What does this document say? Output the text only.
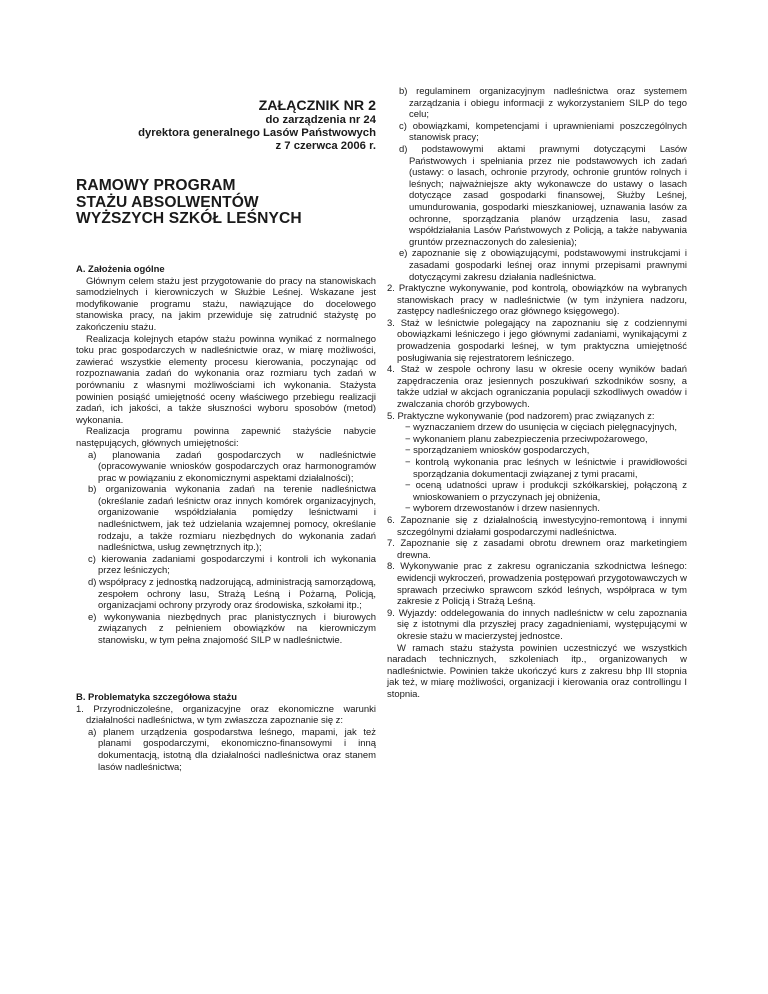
ZAŁĄCZNIK NR 2
do zarządzenia nr 24
dyrektora generalnego Lasów Państwowych
z 7 czerwca 2006 r.
RAMOWY PROGRAM
STAŻU ABSOLWENTÓW
WYŻSZYCH SZKÓŁ LEŚNYCH
A. Założenia ogólne

Głównym celem stażu jest przygotowanie do pracy na stanowiskach samodzielnych i kierowniczych w Służbie Leśnej. Wskazane jest modyfikowanie programu stażu, nawiązujące do docelowego stanowiska pracy, na jakim przewiduje się zatrudnić stażystę po zakończeniu stażu.

Realizacja kolejnych etapów stażu powinna wynikać z normalnego toku prac gospodarczych w nadleśnictwie oraz, w miarę możliwości, zawierać wszystkie elementy procesu kierowania, poczynając od rozpoznawania zadań do wykonania oraz rozmiaru tych zadań w porównaniu z własnymi możliwościami ich wykonania. Stażysta powinien posiąść umiejętność oceny właściwego przebiegu realizacji zadań, ich jakości, a także słuszności wyboru sposobów (metod) wykonania.

Realizacja programu powinna zapewnić stażyście nabycie następujących, głównych umiejętności:

a) planowania zadań gospodarczych w nadleśnictwie (opracowywanie wniosków gospodarczych oraz harmonogramów prac w powiązaniu z ekonomicznymi aspektami działalności);
b) organizowania wykonania zadań na terenie nadleśnictwa (określanie zadań leśnictw oraz innych komórek organizacyjnych, organizowanie współdziałania pomiędzy leśnictwami i nadleśnictwem, jak też udzielania wzajemnej pomocy, określanie rodzaju, a także rozmiaru niezbędnych do wykonania zadań nadleśnictwa, usług zewnętrznych itp.);
c) kierowania zadaniami gospodarczymi i kontroli ich wykonania przez leśniczych;
d) współpracy z jednostką nadzorującą, administracją samorządową, zespołem ochrony lasu, Strażą Leśną i Pożarną, Policją, organizacjami ochrony przyrody oraz środowiska, szkołami itp.;
e) wykonywania niezbędnych prac planistycznych i biurowych związanych z pełnieniem obowiązków na kierowniczym stanowisku, w tym pełna znajomość SILP w nadleśnictwie.
B. Problematyka szczegółowa stażu
1. Przyrodniczoleśne, organizacyjne oraz ekonomiczne warunki działalności nadleśnictwa, w tym zwłaszcza zapoznanie się z:
a) planem urządzenia gospodarstwa leśnego, mapami, jak też planami gospodarczymi, ekonomiczno-finansowymi i inną dokumentacją, istotną dla działalności nadleśnictwa oraz stanem lasów nadleśnictwa;
b) regulaminem organizacyjnym nadleśnictwa oraz systemem zarządzania i obiegu informacji z wykorzystaniem SILP do tego celu;
c) obowiązkami, kompetencjami i uprawnieniami poszczególnych stanowisk pracy;
d) podstawowymi aktami prawnymi dotyczącymi Lasów Państwowych i spełniania przez nie podstawowych ich zadań (ustawy: o lasach, ochronie przyrody, ochronie gruntów rolnych i leśnych; najważniejsze akty wykonawcze do ustawy o lasach dotyczące zasad gospodarki finansowej, Służby Leśnej, umundurowania, gospodarki mieszkaniowej, uznawania lasów za ochronne, sporządzania planów urządzenia lasu, zasad współdziałania Lasów Państwowych z Policją, a także nabywania gruntów przeznaczonych do zalesienia);
e) zapoznanie się z obowiązującymi, podstawowymi instrukcjami i zasadami gospodarki leśnej oraz innymi przepisami prawnymi dotyczącymi zakresu działania nadleśnictwa.
2. Praktyczne wykonywanie, pod kontrolą, obowiązków na wybranych stanowiskach pracy w nadleśnictwie (w tym inżyniera nadzoru, zastępcy nadleśniczego oraz głównego księgowego).
3. Staż w leśnictwie polegający na zapoznaniu się z codziennymi obowiązkami leśniczego i jego głównymi zadaniami, wynikającymi z prowadzenia gospodarki leśnej, w tym praktyczna umiejętność posługiwania się rejestratorem leśniczego.
4. Staż w zespole ochrony lasu w okresie oceny wyników badań zapędraczenia oraz jesiennych poszukiwań szkodników sosny, a także udział w akcjach ograniczania populacji szkodliwych owadów i zwalczania chorób grzybowych.
5. Praktyczne wykonywanie (pod nadzorem) prac związanych z:
− wyznaczaniem drzew do usunięcia w cięciach pielęgnacyjnych,
− wykonaniem planu zabezpieczenia przeciwpożarowego,
− sporządzaniem wniosków gospodarczych,
− kontrolą wykonania prac leśnych w leśnictwie i prawidłowości sporządzania dokumentacji związanej z tymi pracami,
− oceną udatności upraw i produkcji szkółkarskiej, połączoną z wnioskowaniem o przyczynach jej obniżenia,
− wyborem drzewostanów i drzew nasiennych.
6. Zapoznanie się z działalnością inwestycyjno-remontową i innymi szczególnymi działami gospodarczymi nadleśnictwa.
7. Zapoznanie się z zasadami obrotu drewnem oraz marketingiem drewna.
8. Wykonywanie prac z zakresu ograniczania szkodnictwa leśnego: ewidencji wykroczeń, prowadzenia postępowań przygotowawczych w sprawach przeciwko sprawcom szkód leśnych, współpraca w tym zakresie z Policją i Strażą Leśną.
9. Wyjazdy: oddelegowania do innych nadleśnictw w celu zapoznania się z istotnymi dla przyszłej pracy zagadnieniami, występującymi w okresie stażu w macierzystej jednostce.

W ramach stażu stażysta powinien uczestniczyć we wszystkich naradach technicznych, szkoleniach itp., organizowanych w nadleśnictwie. Powinien także ukończyć kurs z zakresu bhp III stopnia jak też, w miarę możliwości, organizacji i kierowania oraz controllingu I stopnia.
